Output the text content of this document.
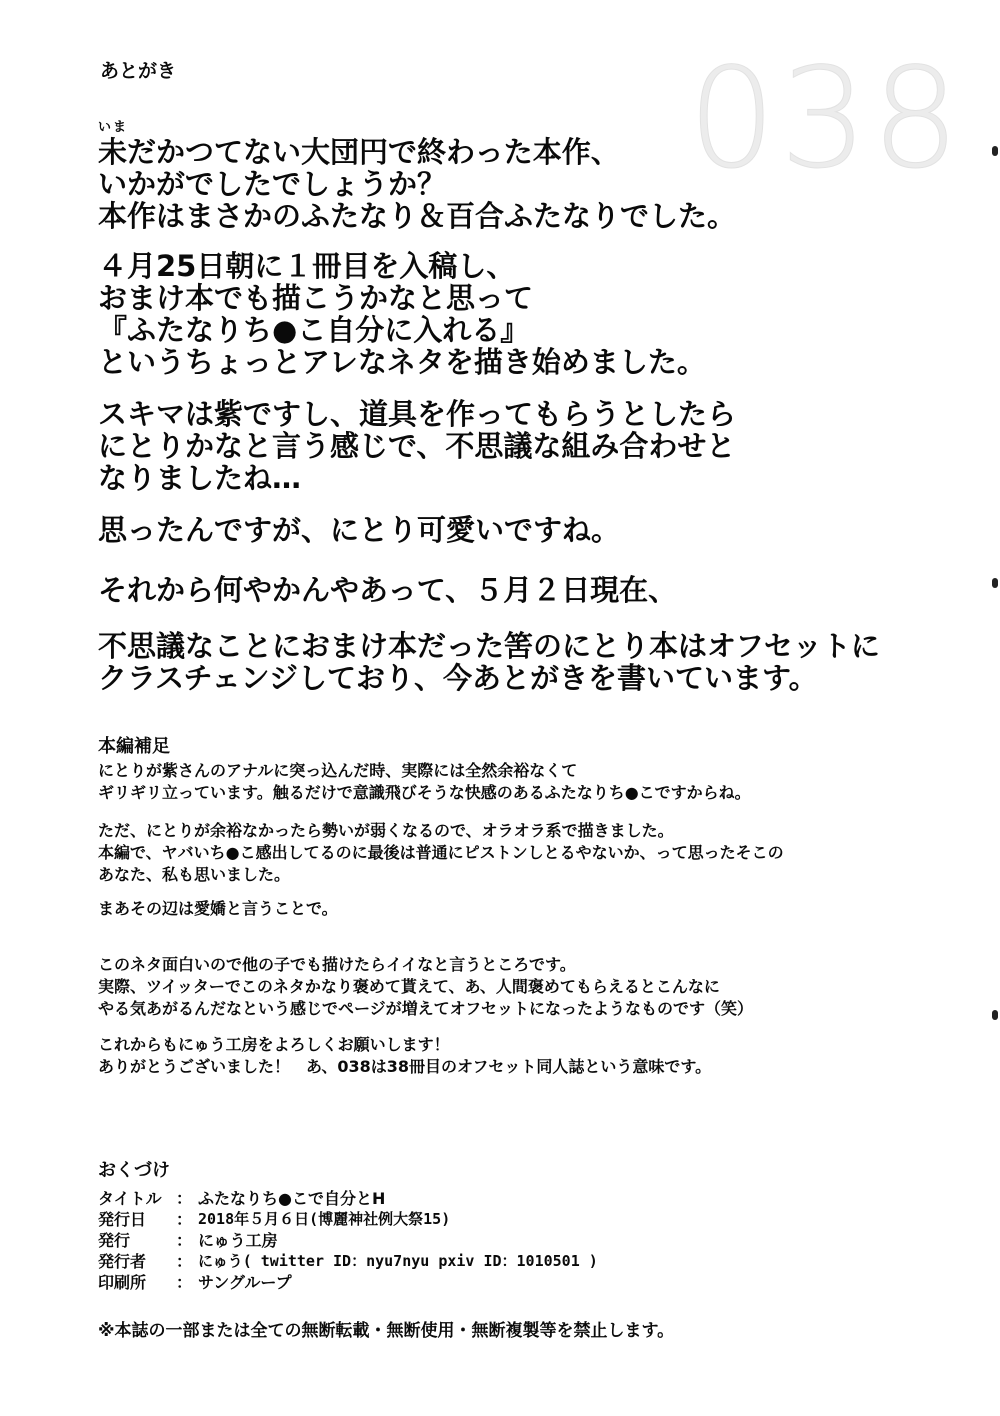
あとがき	038
いま

未だかつてない大団円で終わった本作、

いかがでしたでしょうか？

本作はまさかのふたなり＆百合ふたなりでした。

４月25日朝に１冊目を入稿し、

おまけ本でも描こうかなと思って

『ふたなりち●こ自分に入れる』

というちょっとアレなネタを描き始めました。

スキマは紫ですし、道具を作ってもらうとしたら

にとりかなと言う感じで、不思議な組み合わせと

なりましたね…

思ったんですが、にとり可愛いですね。

それから何やかんやあって、５月２日現在、

不思議なことにおまけ本だった筈のにとり本はオフセットに

クラスチェンジしており、今あとがきを書いています。

本編補足

にとりが紫さんのアナルに突っ込んだ時、実際には全然余裕なくて

ギリギリ立っています。触るだけで意識飛びそうな快感のあるふたなりち●こですからね。

ただ、にとりが余裕なかったら勢いが弱くなるので、オラオラ系で描きました。

本編で、ヤバいち●こ感出してるのに最後は普通にピストンしとるやないか、って思ったそこの

あなた、私も思いました。

まあその辺は愛嬌と言うことで。

このネタ面白いので他の子でも描けたらイイなと言うところです。

実際、ツイッターでこのネタかなり褒めて貰えて、あ、人間褒めてもらえるとこんなに

やる気あがるんだなという感じでページが増えてオフセットになったようなものです（笑）

これからもにゅう工房をよろしくお願いします！

ありがとうございました！　あ、038は38冊目のオフセット同人誌という意味です。

おくづけ
タイトル ： ふたなりち●こで自分とH
発行日	： 2018年５月６日(博麗神社例大祭15)
発行	： にゅう工房
発行者	： にゅう( twitter ID：nyu7nyu pxiv ID：1010501 )
印刷所	： サングループ
※本誌の一部または全ての無断転載・無断使用・無断複製等を禁止します。
